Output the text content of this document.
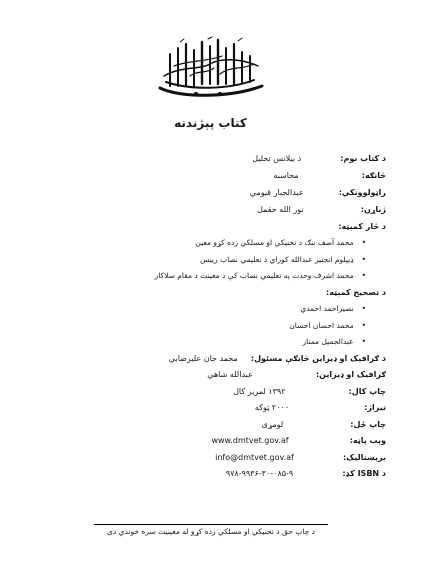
کتاب پېژندنه
د کتاب نوم:  د بيلانس تحليل
څانګه:  محاسبه
راټولوونکي:  عبدالجبار قيومي
ژباړن:  نور الله حقمل
د څار کمېټه:
• محمد آصف ننګ د تخنيکي او مسلکي زده کړو معين
• ډيپلوم انجنير عبدالله کوزاي د تعليمي نصاب رييس
• محمد اشرف وحدت په تعليمي نصاب کې د معينت د مقام سلاکار
د تصحيح کمېټه:
• نصيراحمد احمدي
• محمد احسان احسان
• عبدالجميل ممتاز
د ګرافيک او ډيزاين څانګې مسئول:  محمد جان عليرضايي
ګرافيک او ډيزاين:  عبدالله شاهي
چاپ کال:  ۱۳۹۲ لمريز کال
تيراژ:  ۲۰۰۰ ټوکه
چاپ ځل:  لومړی
وېب پاڼه:  www.dmtvet.gov.af
برېښناليک:  info@dmtvet.gov.af
د ISBN کډ:  ۹۷۸-۹۹۳۶-۳۰-۰۸۵-۹
د چاپ حق د تخنيکي او مسلکي زده کړو له معينيت سره خوندي دی
